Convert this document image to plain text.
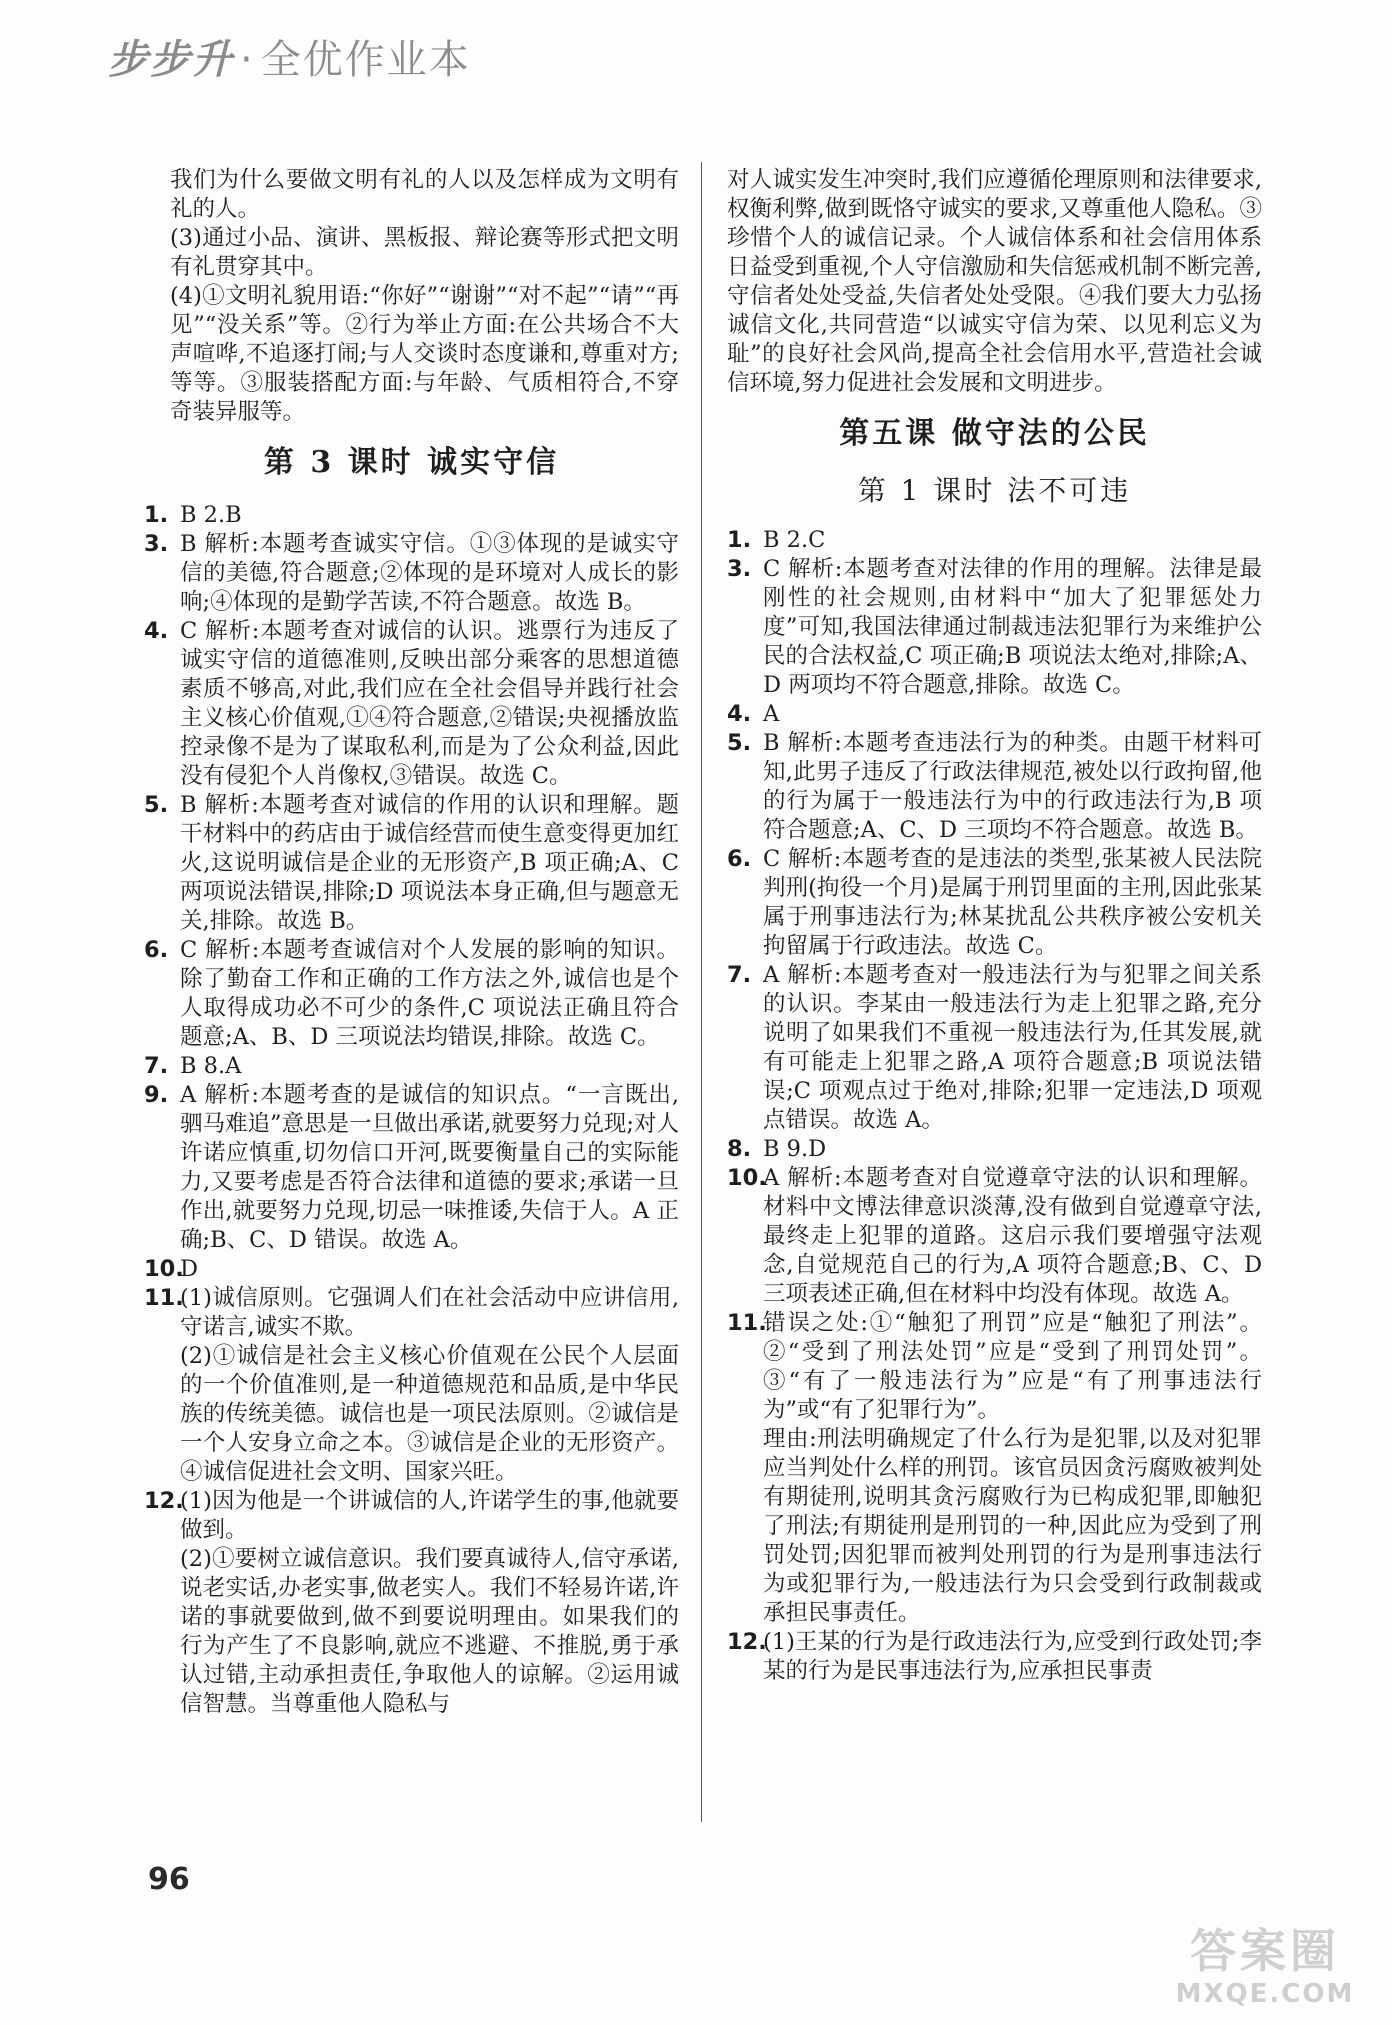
步步升 · 全优作业本

我们为什么要做文明有礼的人以及怎样成为文明有礼的人。

(3)通过小品、演讲、黑板报、辩论赛等形式把文明有礼贯穿其中。

(4)①文明礼貌用语:“你好”“谢谢”“对不起”“请”“再见”“没关系”等。②行为举止方面:在公共场合不大声喧哗,不追逐打闹;与人交谈时态度谦和,尊重对方;等等。③服装搭配方面:与年龄、气质相符合,不穿奇装异服等。

第 3 课时 诚实守信
1. B 2.B

3. B 解析:本题考查诚实守信。①③体现的是诚实守信的美德,符合题意;②体现的是环境对人成长的影响;④体现的是勤学苦读,不符合题意。故选 B。

4. C 解析:本题考查对诚信的认识。逃票行为违反了诚实守信的道德准则,反映出部分乘客的思想道德素质不够高,对此,我们应在全社会倡导并践行社会主义核心价值观,①④符合题意,②错误;央视播放监控录像不是为了谋取私利,而是为了公众利益,因此没有侵犯个人肖像权,③错误。故选 C。

5. B 解析:本题考查对诚信的作用的认识和理解。题干材料中的药店由于诚信经营而使生意变得更加红火,这说明诚信是企业的无形资产,B 项正确;A、C 两项说法错误,排除;D 项说法本身正确,但与题意无关,排除。故选 B。

6. C 解析:本题考查诚信对个人发展的影响的知识。除了勤奋工作和正确的工作方法之外,诚信也是个人取得成功必不可少的条件,C 项说法正确且符合题意;A、B、D 三项说法均错误,排除。故选 C。

7. B 8.A

9. A 解析:本题考查的是诚信的知识点。“一言既出,驷马难追”意思是一旦做出承诺,就要努力兑现;对人许诺应慎重,切勿信口开河,既要衡量自己的实际能力,又要考虑是否符合法律和道德的要求;承诺一旦作出,就要努力兑现,切忌一味推诿,失信于人。A 正确;B、C、D 错误。故选 A。

10.

D

11.

(1)诚信原则。它强调人们在社会活动中应讲信用,守诺言,诚实不欺。

(2)①诚信是社会主义核心价值观在公民个人层面的一个价值准则,是一种道德规范和品质,是中华民族的传统美德。诚信也是一项民法原则。②诚信是一个人安身立命之本。③诚信是企业的无形资产。④诚信促进社会文明、国家兴旺。

12.

(1)因为他是一个讲诚信的人,许诺学生的事,他就要做到。

(2)①要树立诚信意识。我们要真诚待人,信守承诺,说老实话,办老实事,做老实人。我们不轻易许诺,许诺的事就要做到,做不到要说明理由。如果我们的行为产生了不良影响,就应不逃避、不推脱,勇于承认过错,主动承担责任,争取他人的谅解。②运用诚信智慧。当尊重他人隐私与

对人诚实发生冲突时,我们应遵循伦理原则和法律要求,权衡利弊,做到既恪守诚实的要求,又尊重他人隐私。③珍惜个人的诚信记录。个人诚信体系和社会信用体系日益受到重视,个人守信激励和失信惩戒机制不断完善,守信者处处受益,失信者处处受限。④我们要大力弘扬诚信文化,共同营造“以诚实守信为荣、以见利忘义为耻”的良好社会风尚,提高全社会信用水平,营造社会诚信环境,努力促进社会发展和文明进步。

第五课 做守法的公民
第 1 课时 法不可违
1. B 2.C

3. C 解析:本题考查对法律的作用的理解。法律是最刚性的社会规则,由材料中“加大了犯罪惩处力度”可知,我国法律通过制裁违法犯罪行为来维护公民的合法权益,C 项正确;B 项说法太绝对,排除;A、D 两项均不符合题意,排除。故选 C。

4. A

5. B 解析:本题考查违法行为的种类。由题干材料可知,此男子违反了行政法律规范,被处以行政拘留,他的行为属于一般违法行为中的行政违法行为,B 项符合题意;A、C、D 三项均不符合题意。故选 B。

6. C 解析:本题考查的是违法的类型,张某被人民法院判刑(拘役一个月)是属于刑罚里面的主刑,因此张某属于刑事违法行为;林某扰乱公共秩序被公安机关拘留属于行政违法。故选 C。

7. A 解析:本题考查对一般违法行为与犯罪之间关系的认识。李某由一般违法行为走上犯罪之路,充分说明了如果我们不重视一般违法行为,任其发展,就有可能走上犯罪之路,A 项符合题意;B 项说法错误;C 项观点过于绝对,排除;犯罪一定违法,D 项观点错误。故选 A。

8. B 9.D

10.

A 解析:本题考查对自觉遵章守法的认识和理解。材料中文博法律意识淡薄,没有做到自觉遵章守法,最终走上犯罪的道路。这启示我们要增强守法观念,自觉规范自己的行为,A 项符合题意;B、C、D 三项表述正确,但在材料中均没有体现。故选 A。

11.

错误之处:①“触犯了刑罚”应是“触犯了刑法”。②“受到了刑法处罚”应是“受到了刑罚处罚”。③“有了一般违法行为”应是“有了刑事违法行为”或“有了犯罪行为”。

理由:刑法明确规定了什么行为是犯罪,以及对犯罪应当判处什么样的刑罚。该官员因贪污腐败被判处有期徒刑,说明其贪污腐败行为已构成犯罪,即触犯了刑法;有期徒刑是刑罚的一种,因此应为受到了刑罚处罚;因犯罪而被判处刑罚的行为是刑事违法行为或犯罪行为,一般违法行为只会受到行政制裁或承担民事责任。

12.

(1)王某的行为是行政违法行为,应受到行政处罚;李某的行为是民事违法行为,应承担民事责

96
答案圈
MXQE.COM
